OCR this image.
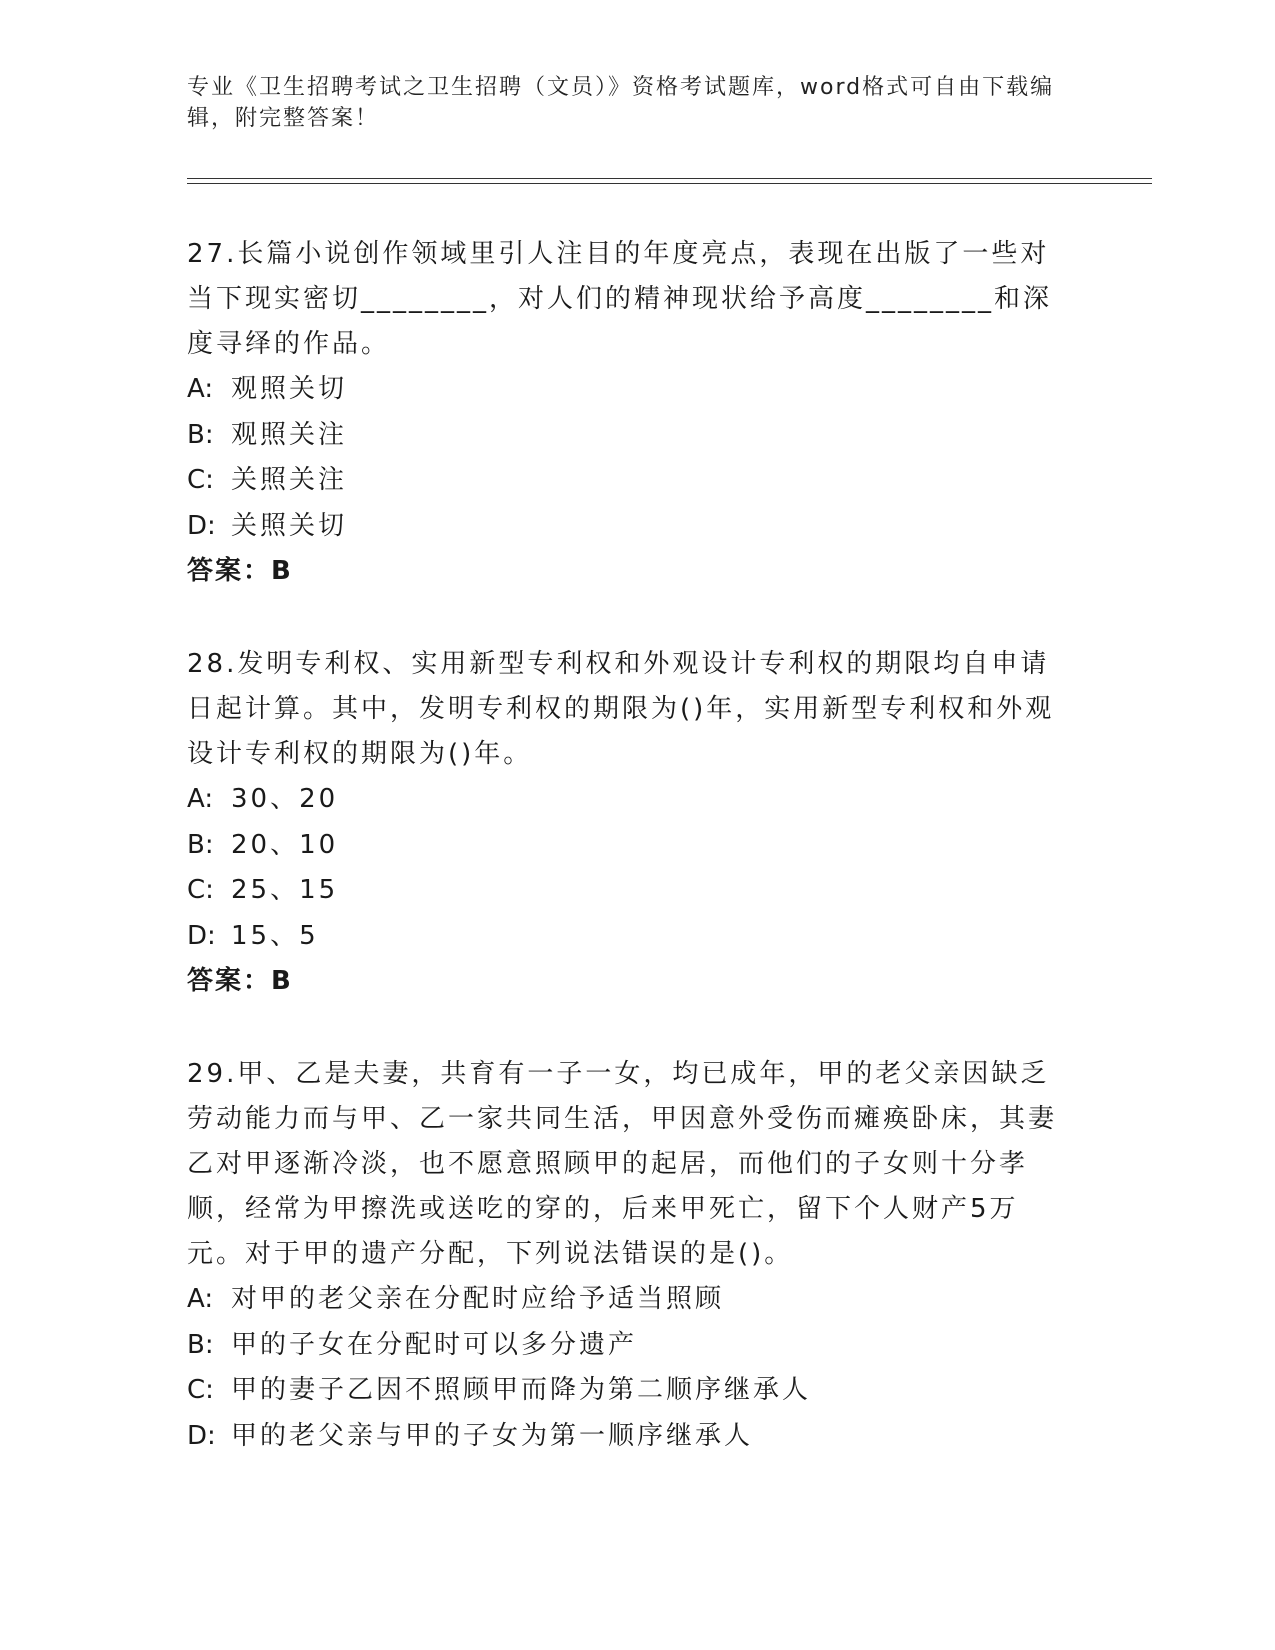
专业《卫生招聘考试之卫生招聘（文员）》资格考试题库，word格式可自由下载编辑，附完整答案！

27.长篇小说创作领域里引人注目的年度亮点，表现在出版了一些对当下现实密切________，对人们的精神现状给予高度________和深度寻绎的作品。

A: 观照关切

B: 观照关注

C: 关照关注

D: 关照关切

答案：B

28.发明专利权、实用新型专利权和外观设计专利权的期限均自申请日起计算。其中，发明专利权的期限为()年，实用新型专利权和外观设计专利权的期限为()年。

A: 30、20

B: 20、10

C: 25、15

D: 15、5

答案：B

29.甲、乙是夫妻，共育有一子一女，均已成年，甲的老父亲因缺乏劳动能力而与甲、乙一家共同生活，甲因意外受伤而瘫痪卧床，其妻乙对甲逐渐冷淡，也不愿意照顾甲的起居，而他们的子女则十分孝顺，经常为甲擦洗或送吃的穿的，后来甲死亡，留下个人财产5万元。对于甲的遗产分配，下列说法错误的是()。

A: 对甲的老父亲在分配时应给予适当照顾

B: 甲的子女在分配时可以多分遗产

C: 甲的妻子乙因不照顾甲而降为第二顺序继承人

D: 甲的老父亲与甲的子女为第一顺序继承人
